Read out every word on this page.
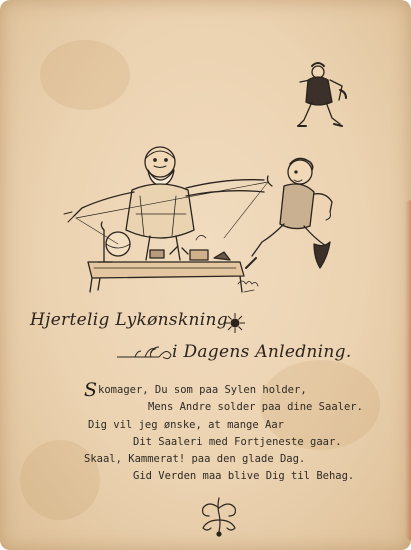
Hjertelig Lykønskning
i Dagens Anledning.
Skomager, Du som paa Sylen holder,
Mens Andre solder paa dine Saaler.
Dig vil jeg ønske, at mange Aar
Dit Saaleri med Fortjeneste gaar.
Skaal, Kammerat! paa den glade Dag.
Gid Verden maa blive Dig til Behag.
